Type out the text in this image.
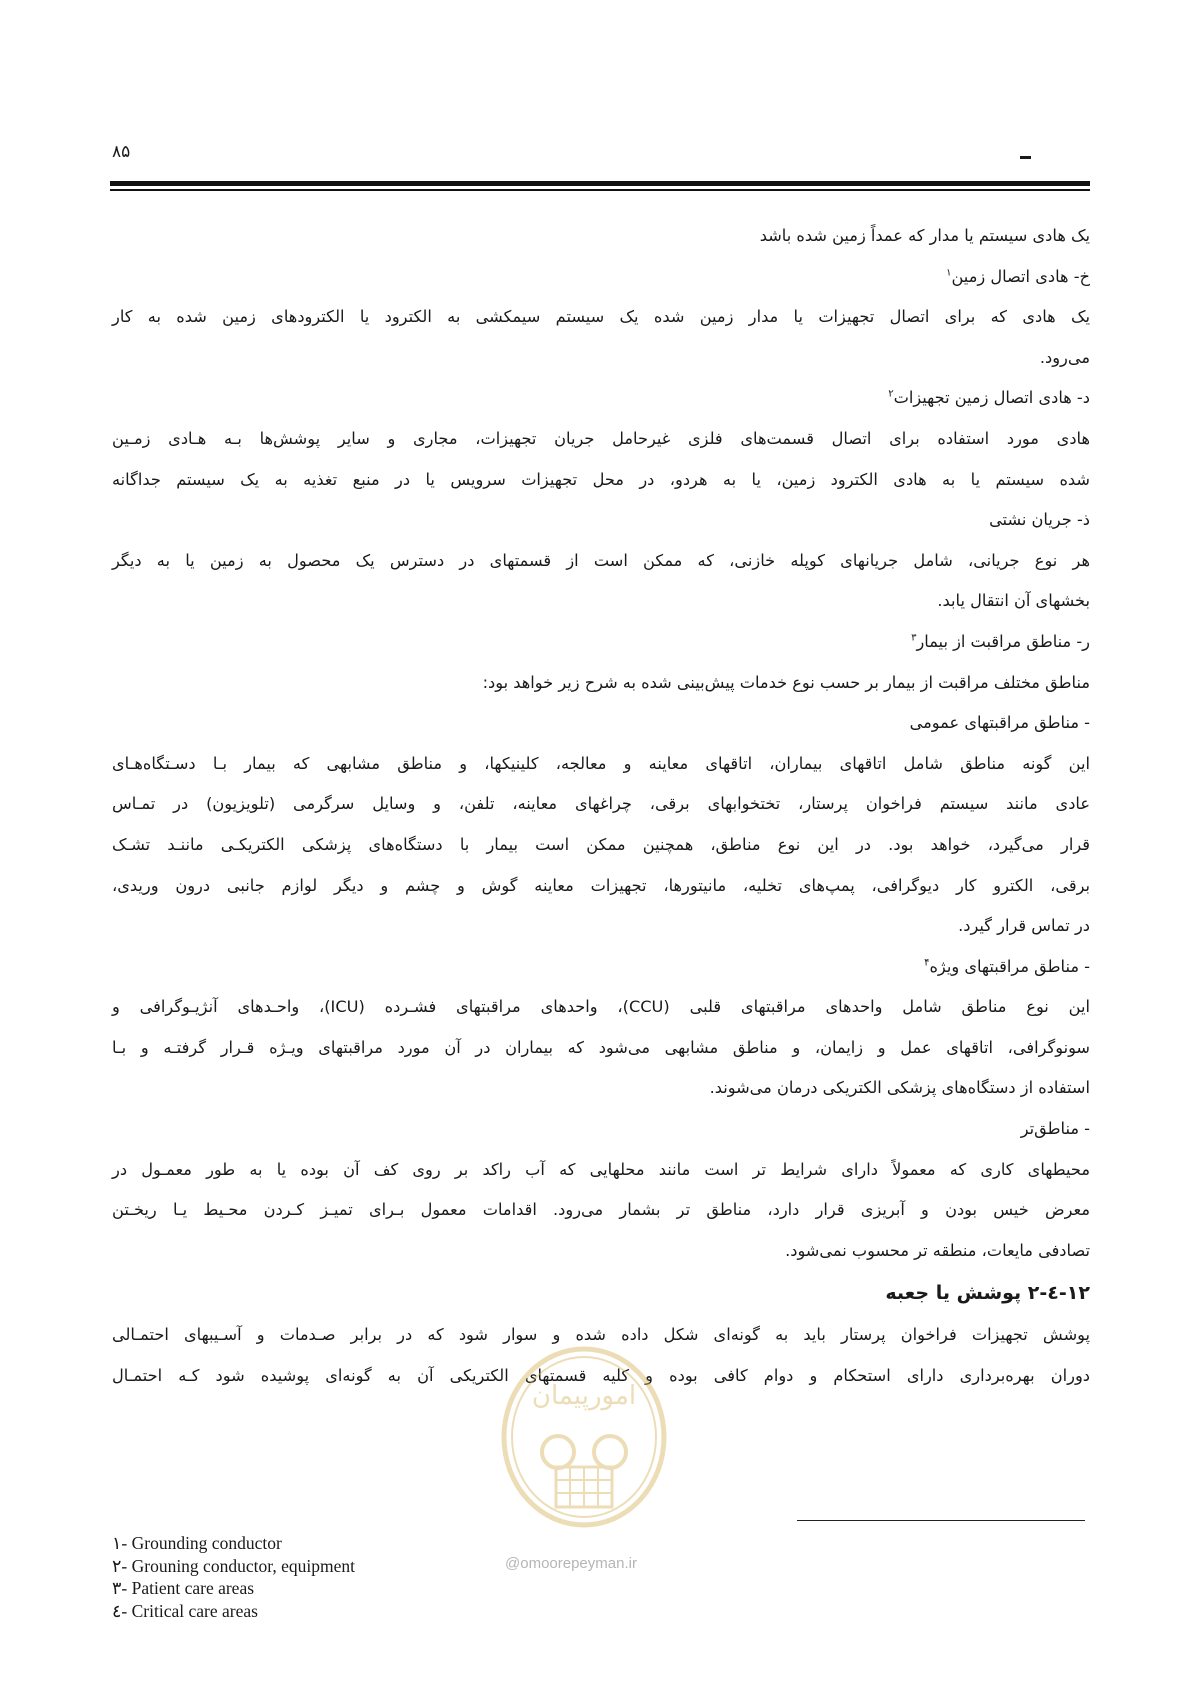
۸۵
یک هادی سیستم یا مدار که عمداً زمین شده باشد
خ- هادی اتصال زمین$^۱$
یک هادی که برای اتصال تجهیزات یا مدار زمین شده یک سیستم سیمکشی به الکترود یا الکترودهای زمین شده به کار
می‌رود.
د- هادی اتصال زمین تجهیزات$^۲$
هادی مورد استفاده برای اتصال قسمت‌های فلزی غیرحامل جریان تجهیزات، مجاری و سایر پوشش‌ها بـه هـادی زمـین
شده سیستم یا به هادی الکترود زمین، یا به هردو، در محل تجهیزات سرویس یا در منبع تغذیه به یک سیستم جداگانه
ذ- جریان نشتی
هر نوع جریانی، شامل جریانهای کوپله خازنی، که ممکن است از قسمتهای در دسترس یک محصول به زمین یا به دیگر
بخشهای آن انتقال یابد.
ر- مناطق مراقبت از بیمار$^۳$
مناطق مختلف مراقبت از بیمار بر حسب نوع خدمات پیش‌بینی شده به شرح زیر خواهد بود:
- مناطق مراقبتهای عمومی
این گونه مناطق شامل اتاقهای بیماران، اتاقهای معاینه و معالجه، کلینیکها، و مناطق مشابهی که بیمار بـا دسـتگاه‌هـای
عادی مانند سیستم فراخوان پرستار، تختخوابهای برقی، چراغهای معاینه، تلفن، و وسایل سرگرمی (تلویزیون) در تمـاس
قرار می‌گیرد، خواهد بود. در این نوع مناطق، همچنین ممکن است بیمار با دستگاه‌های پزشکی الکتریکـی ماننـد تشـک
برقی، الکترو کار دیوگرافی، پمپ‌های تخلیه، مانیتورها، تجهیزات معاینه گوش و چشم و دیگر لوازم جانبی درون وریدی،
در تماس قرار گیرد.
- مناطق مراقبتهای ویژه$^۴$
این نوع مناطق شامل واحدهای مراقبتهای قلبی (CCU)، واحدهای مراقبتهای فشـرده (ICU)، واحـدهای آنژیـوگرافی و
سونوگرافی، اتاقهای عمل و زایمان، و مناطق مشابهی می‌شود که بیماران در آن مورد مراقبتهای ویـژه قـرار گرفتـه و بـا
استفاده از دستگاه‌های پزشکی الکتریکی درمان می‌شوند.
- مناطق‌تر
محیطهای کاری که معمولاً دارای شرایط تر است مانند محلهایی که آب راکد بر روی کف آن بوده یا به طور معمـول در
معرض خیس بودن و آبریزی قرار دارد، مناطق تر بشمار می‌رود. اقدامات معمول بـرای تمیـز کـردن محـیط یـا ریخـتن
تصادفی مایعات، منطقه تر محسوب نمی‌شود.
۱۲-٤-۲ پوشش یا جعبه
پوشش تجهیزات فراخوان پرستار باید به گونه‌ای شکل داده شده و سوار شود که در برابر صـدمات و آسـیبهای احتمـالی
دوران بهره‌برداری دارای استحکام و دوام کافی بوده و کلیه قسمتهای الکتریکی آن به گونه‌ای پوشیده شود کـه احتمـال
امورپیمان
@omoorepeyman.ir
۱- Grounding conductor
۲- Grouning conductor, equipment
۳- Patient care areas
٤- Critical care areas
